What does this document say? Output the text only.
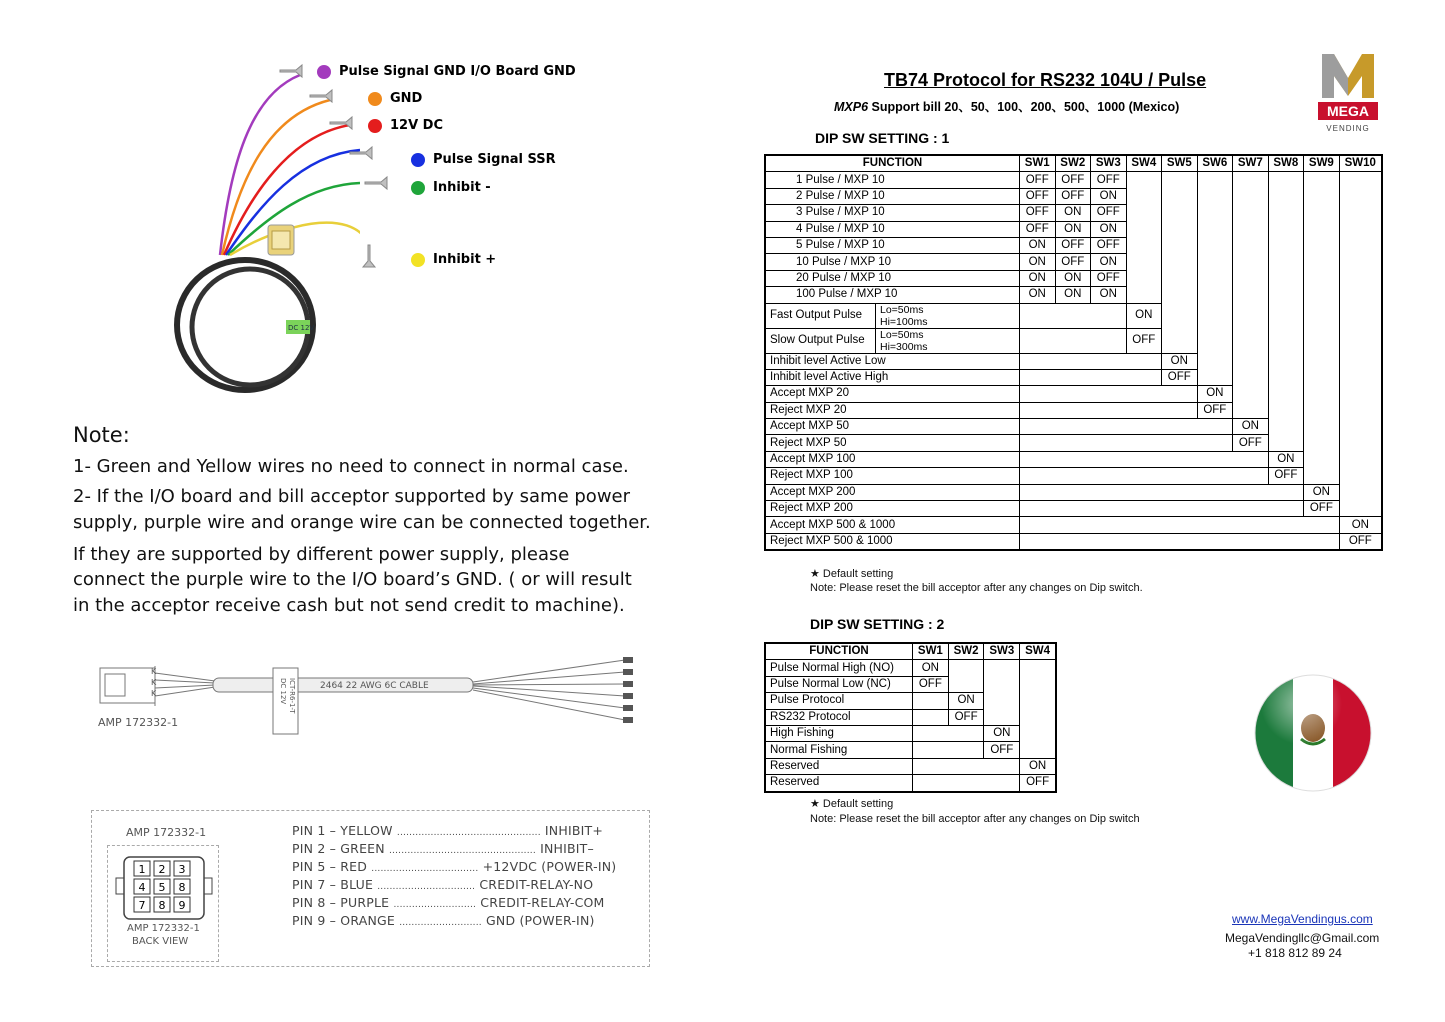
DC 12V
Pulse Signal GND I/O Board GND
GND
12V DC
Pulse Signal SSR
Inhibit -
Inhibit +
Note:
1- Green and Yellow wires no need to connect in normal case.
2- If the I/O board and bill acceptor supported by same power
supply, purple wire and orange wire can be connected together.
If they are supported by different power supply, please
connect the purple wire to the I/O board’s GND. ( or will result
in the acceptor receive cash but not send credit to machine).
K
K
K
2464 22 AWG 6C CABLE
DC 12V ICT-R6-1-T
AMP 172332-1
AMP 172332-1
1 2 3
4 5 8
7 8 9
AMP 172332-1
BACK VIEW
PIN 1 – YELLOW ............................................... INHIBIT+
PIN 2 – GREEN ................................................ INHIBIT–
PIN 5 – RED ................................... +12VDC (POWER-IN)
PIN 7 – BLUE ................................ CREDIT-RELAY-NO
PIN 8 – PURPLE ........................... CREDIT-RELAY-COM
PIN 9 – ORANGE ........................... GND (POWER-IN)
TB74 Protocol for RS232 104U / Pulse
MXP6 Support bill 20、50、100、200、500、1000 (Mexico)	MEGA
VENDING
DIP SW SETTING : 1
FUNCTION		SW1	SW2	SW3	SW4	SW5	SW6	SW7	SW8	SW9	SW10
1 Pulse / MXP 10		OFF	OFF	OFF							
2 Pulse / MXP 10		OFF	OFF	ON							
3 Pulse / MXP 10		OFF	ON	OFF							
4 Pulse / MXP 10		OFF	ON	ON							
5 Pulse / MXP 10		ON	OFF	OFF							
10 Pulse / MXP 10		ON	OFF	ON							
20 Pulse / MXP 10		ON	ON	OFF							
100 Pulse / MXP 10		ON	ON	ON							
Fast Output Pulse	Lo=50ms
Hi=100ms				ON						
Slow Output Pulse	Lo=50ms
Hi=300ms				OFF						
Inhibit level Active Low						ON					
Inhibit level Active High						OFF					
Accept MXP 20							ON				
Reject MXP 20							OFF				
Accept MXP 50								ON			
Reject MXP 50								OFF			
Accept MXP 100									ON		
Reject MXP 100									OFF		
Accept MXP 200										ON	
Reject MXP 200										OFF	
Accept MXP 500 & 1000											ON
Reject MXP 500 & 1000											OFF
★ Default setting
Note: Please reset the bill acceptor after any changes on Dip switch.
DIP SW SETTING : 2
FUNCTION	SW1	SW2	SW3	SW4
Pulse Normal High (NO)	ON			
Pulse Normal Low (NC)	OFF			
Pulse Protocol		ON		
RS232 Protocol		OFF		
High Fishing			ON	
Normal Fishing			OFF	
Reserved				ON
Reserved				OFF
★ Default setting
Note: Please reset the bill acceptor after any changes on Dip switch
www.MegaVendingus.com
MegaVendingllc@Gmail.com
+1 818 812 89 24
